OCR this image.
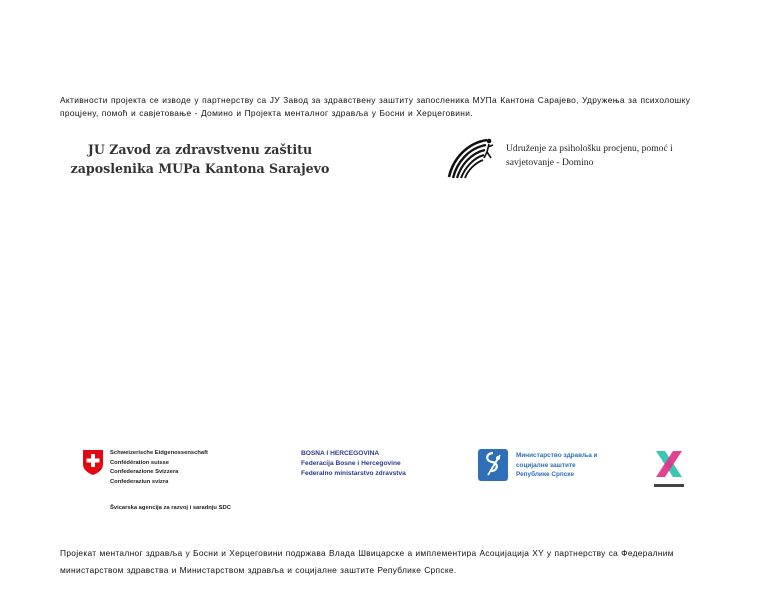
Активности пројекта се изводе у партнерству са ЈУ Завод за здравствену заштиту запосленика МУПа Кантона Сарајево, Удружења за психолошку процјену, помоћ и савјетовање - Домино и Пројекта менталног здравља у Босни и Херцеговини.
JU Zavod za zdravstvenu zaštitu
zaposlenika MUPa Kantona Sarajevo
Udruženje za psihološku procjenu, pomoć i savjetovanje - Domino
Schweizerische Eidgenossenschaft
Confédération suisse
Confederazione Svizzera
Confederaziun svizra
Švicarska agencija za razvoj i saradnju SDC
BOSNA I HERCEGOVINA
Federacija Bosne i Hercegovine
Federalno ministarstvo zdravstva
Министарство здравља и
социјалне заштите
Републике Српске
Пројекат менталног здравља у Босни и Херцеговини подржава Влада Швицарске а имплементира Асоцијација XY у партнерству са Федералним министарством здравства и Министарством здравља и социјалне заштите Републике Српске.
